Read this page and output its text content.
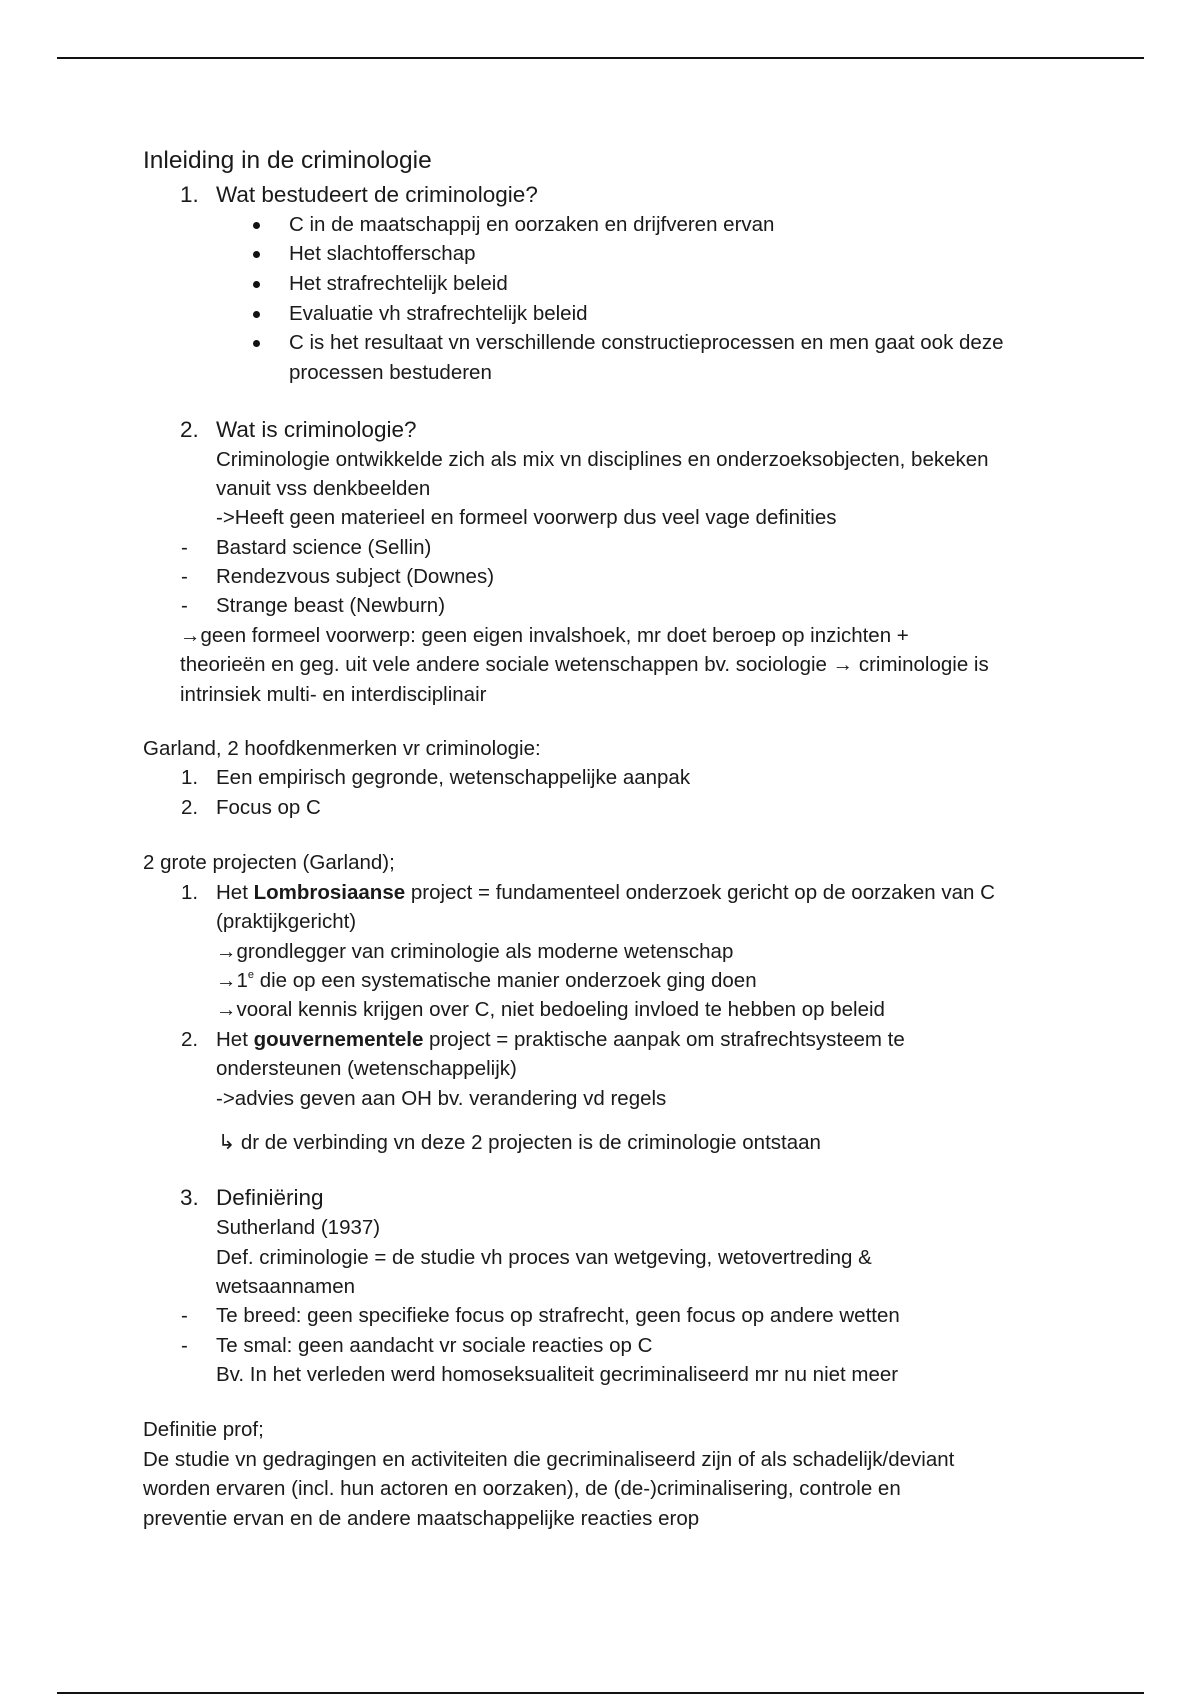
Inleiding in de criminologie
1. Wat bestudeert de criminologie?
C in de maatschappij en oorzaken en drijfveren ervan
Het slachtofferschap
Het strafrechtelijk beleid
Evaluatie vh strafrechtelijk beleid
C is het resultaat vn verschillende constructieprocessen en men gaat ook deze
processen bestuderen
2. Wat is criminologie?
Criminologie ontwikkelde zich als mix vn disciplines en onderzoeksobjecten, bekeken
vanuit vss denkbeelden
->Heeft geen materieel en formeel voorwerp dus veel vage definities
- Bastard science (Sellin)
- Rendezvous subject (Downes)
- Strange beast (Newburn)
→geen formeel voorwerp: geen eigen invalshoek, mr doet beroep op inzichten +
theorieën en geg. uit vele andere sociale wetenschappen bv. sociologie → criminologie is
intrinsiek multi- en interdisciplinair
Garland, 2 hoofdkenmerken vr criminologie:
1. Een empirisch gegronde, wetenschappelijke aanpak
2. Focus op C
2 grote projecten (Garland);
1. Het Lombrosiaanse project = fundamenteel onderzoek gericht op de oorzaken van C
(praktijkgericht)
→grondlegger van criminologie als moderne wetenschap
$\to 1^e$ die op een systematische manier onderzoek ging doen
→vooral kennis krijgen over C, niet bedoeling invloed te hebben op beleid
2. Het gouvernementele project = praktische aanpak om strafrechtsysteem te
ondersteunen (wetenschappelijk)
->advies geven aan OH bv. verandering vd regels
↳ dr de verbinding vn deze 2 projecten is de criminologie ontstaan
3. Definiëring
Sutherland (1937)
Def. criminologie = de studie vh proces van wetgeving, wetovertreding &
wetsaannamen
- Te breed: geen specifieke focus op strafrecht, geen focus op andere wetten
- Te smal: geen aandacht vr sociale reacties op C
Bv. In het verleden werd homoseksualiteit gecriminaliseerd mr nu niet meer
Definitie prof;
De studie vn gedragingen en activiteiten die gecriminaliseerd zijn of als schadelijk/deviant
worden ervaren (incl. hun actoren en oorzaken), de (de-)criminalisering, controle en
preventie ervan en de andere maatschappelijke reacties erop
